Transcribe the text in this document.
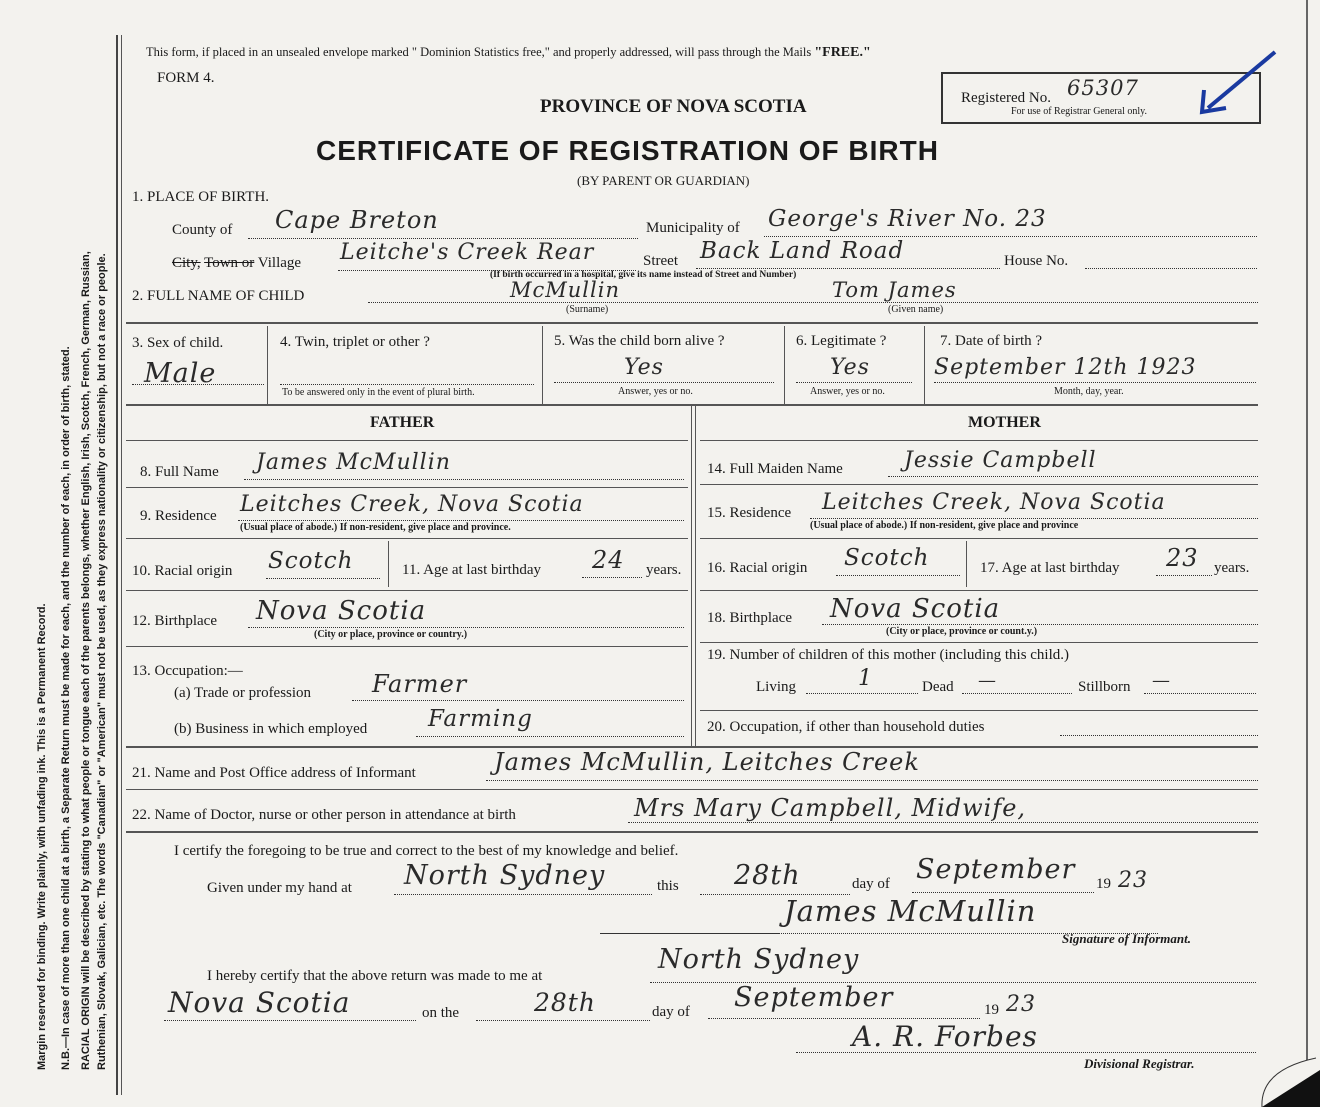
Margin reserved for binding. Write plainly, with unfading ink. This is a Permanent Record. N.B.—In case of more than one child at a birth, a Separate Return must be made for each, and the number of each, in order of birth, stated. RACIAL ORIGIN will be described by stating to what people or tongue each of the parents belongs, whether English, Irish, Scotch, French, German, Russian, Ruthenian, Slovak, Galician, etc. The words "Canadian" or "American" must not be used, as they express nationality or citizenship, but not a race or people.
This form, if placed in an unsealed envelope marked " Dominion Statistics free," and properly addressed, will pass through the Mails "FREE."
FORM 4.
PROVINCE OF NOVA SCOTIA	Registered No. 65307
For use of Registrar General only.
CERTIFICATE OF REGISTRATION OF BIRTH
(BY PARENT OR GUARDIAN)
1. PLACE OF BIRTH.
County of Cape Breton	Municipality of George's River No. 23
City, Town or Village Leitche's Creek Rear	Street Back Land Road	House No.
(If birth occurred in a hospital, give its name instead of Street and Number)
2. FULL NAME OF CHILD	McMullin	Tom James
(Surname)	(Given name)
3. Sex of child.
Male
4. Twin, triplet or other ?
To be answered only in the event of plural birth.
5. Was the child born alive ?
Yes
Answer, yes or no.
6. Legitimate ?
Yes
Answer, yes or no.
7. Date of birth ?
September 12th 1923
Month, day, year.
FATHER
8. Full Name James McMullin
9. Residence Leitches Creek, Nova Scotia
(Usual place of abode.) If non-resident, give place and province.
10. Racial origin Scotch	11. Age at last birthday 24 years.
12. Birthplace Nova Scotia
(City or place, province or country.)
13. Occupation:—
(a) Trade or profession	Farmer
(b) Business in which employed	Farming
MOTHER
14. Full Maiden Name	Jessie Campbell
15. Residence Leitches Creek, Nova Scotia
(Usual place of abode.) If non-resident, give place and province
16. Racial origin Scotch	17. Age at last birthday 23 years.
18. Birthplace Nova Scotia
(City or place, province or count.y.)
19. Number of children of this mother (including this child.)
Living	1	Dead —	Stillborn —
20. Occupation, if other than household duties
21. Name and Post Office address of Informant	James McMullin, Leitches Creek
22. Name of Doctor, nurse or other person in attendance at birth	Mrs Mary Campbell, Midwife,
I certify the foregoing to be true and correct to the best of my knowledge and belief.
Given under my hand at North Sydney	this 28th	day of September 19 23
James McMullin
Signature of Informant.
I hereby certify that the above return was made to me at
North Sydney
Nova Scotia	on the	28th	day of September	19 23
A. R. Forbes
Divisional Registrar.
